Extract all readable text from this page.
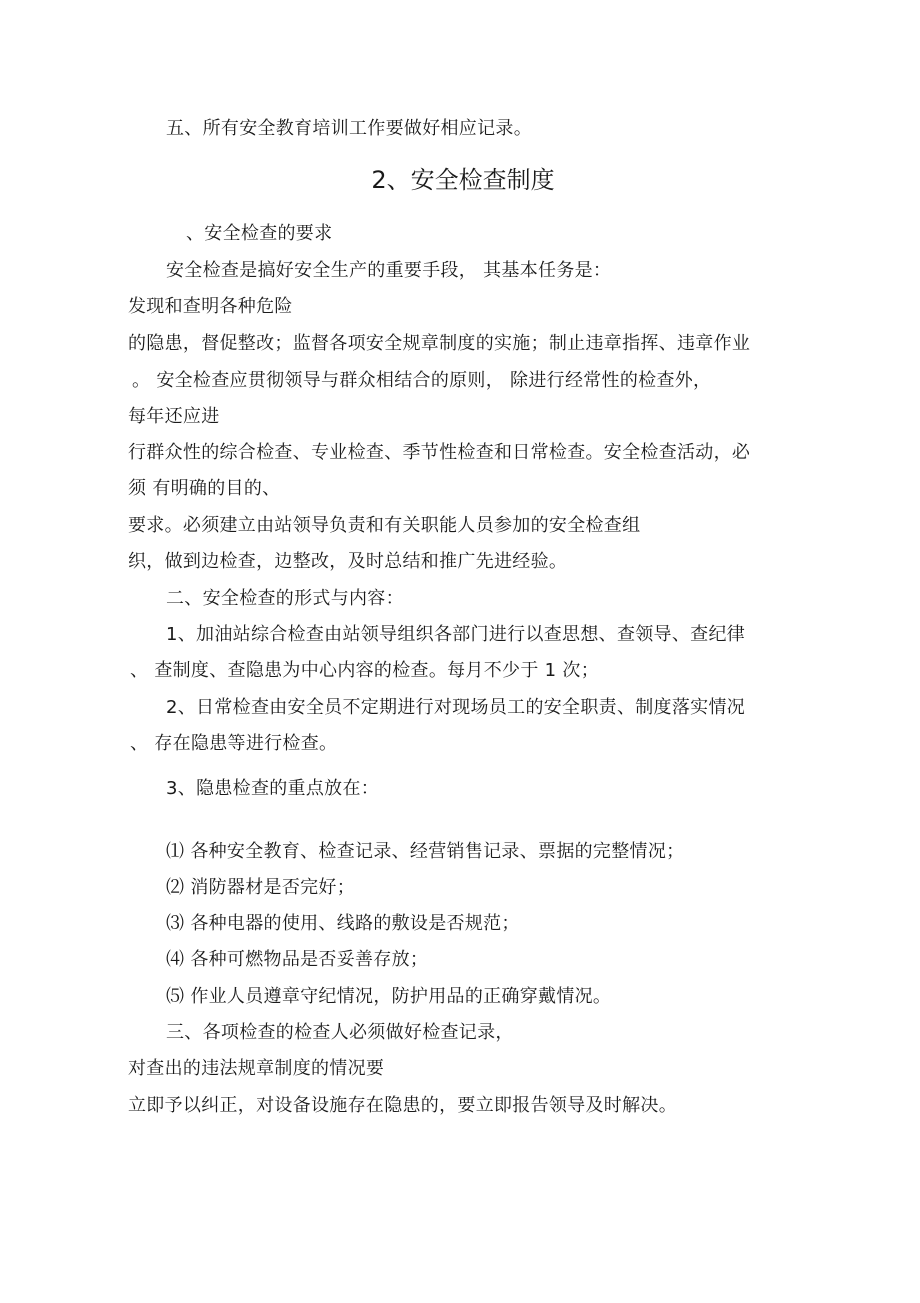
五、所有安全教育培训工作要做好相应记录。
2、安全检查制度
、安全检查的要求
安全检查是搞好安全生产的重要手段， 其基本任务是：
发现和查明各种危险
的隐患，督促整改；监督各项安全规章制度的实施；制止违章指挥、违章作业
。 安全检查应贯彻领导与群众相结合的原则， 除进行经常性的检查外，
每年还应进
行群众性的综合检查、专业检查、季节性检查和日常检查。安全检查活动，必
须 有明确的目的、
要求。必须建立由站领导负责和有关职能人员参加的安全检查组
织，做到边检查，边整改，及时总结和推广先进经验。
二、安全检查的形式与内容：
1、加油站综合检查由站领导组织各部门进行以查思想、查领导、查纪律
、 查制度、查隐患为中心内容的检查。每月不少于 1 次；
2、日常检查由安全员不定期进行对现场员工的安全职责、制度落实情况
、 存在隐患等进行检查。
3、隐患检查的重点放在：
⑴ 各种安全教育、检查记录、经营销售记录、票据的完整情况；
⑵ 消防器材是否完好；
⑶ 各种电器的使用、线路的敷设是否规范；
⑷ 各种可燃物品是否妥善存放；
⑸ 作业人员遵章守纪情况，防护用品的正确穿戴情况。
三、各项检查的检查人必须做好检查记录，
对查出的违法规章制度的情况要
立即予以纠正，对设备设施存在隐患的，要立即报告领导及时解决。
